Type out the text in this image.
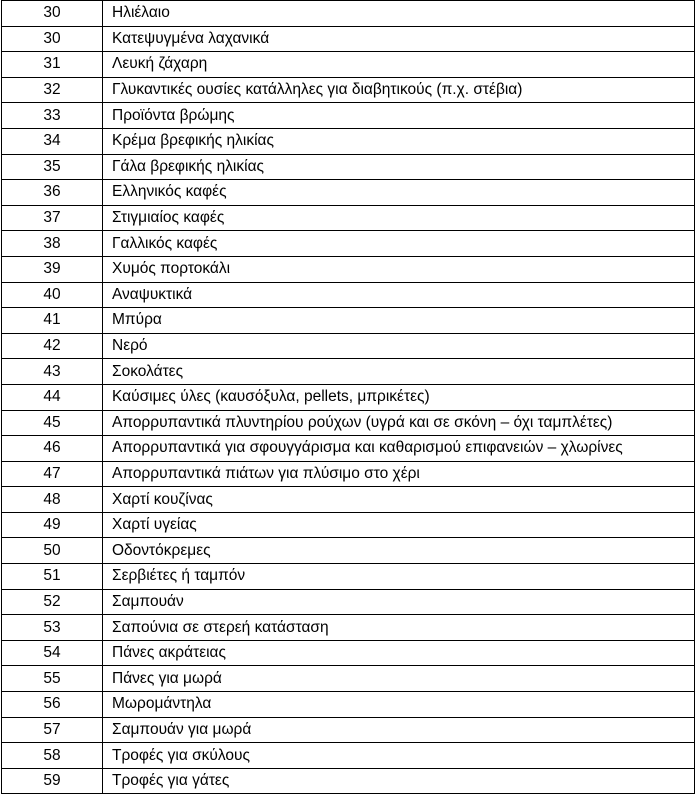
30	Ηλιέλαιο
30	Κατεψυγμένα λαχανικά
31	Λευκή ζάχαρη
32	Γλυκαντικές ουσίες κατάλληλες για διαβητικούς (π.χ. στέβια)
33	Προϊόντα βρώμης
34	Κρέμα βρεφικής ηλικίας
35	Γάλα βρεφικής ηλικίας
36	Ελληνικός καφές
37	Στιγμιαίος καφές
38	Γαλλικός καφές
39	Χυμός πορτοκάλι
40	Αναψυκτικά
41	Μπύρα
42	Νερό
43	Σοκολάτες
44	Καύσιμες ύλες (καυσόξυλα, pellets, μπρικέτες)
45	Απορρυπαντικά πλυντηρίου ρούχων (υγρά και σε σκόνη – όχι ταμπλέτες)
46	Απορρυπαντικά για σφουγγάρισμα και καθαρισμού επιφανειών – χλωρίνες
47	Απορρυπαντικά πιάτων για πλύσιμο στο χέρι
48	Χαρτί κουζίνας
49	Χαρτί υγείας
50	Οδοντόκρεμες
51	Σερβιέτες ή ταμπόν
52	Σαμπουάν
53	Σαπούνια σε στερεή κατάσταση
54	Πάνες ακράτειας
55	Πάνες για μωρά
56	Μωρομάντηλα
57	Σαμπουάν για μωρά
58	Τροφές για σκύλους
59	Τροφές για γάτες
